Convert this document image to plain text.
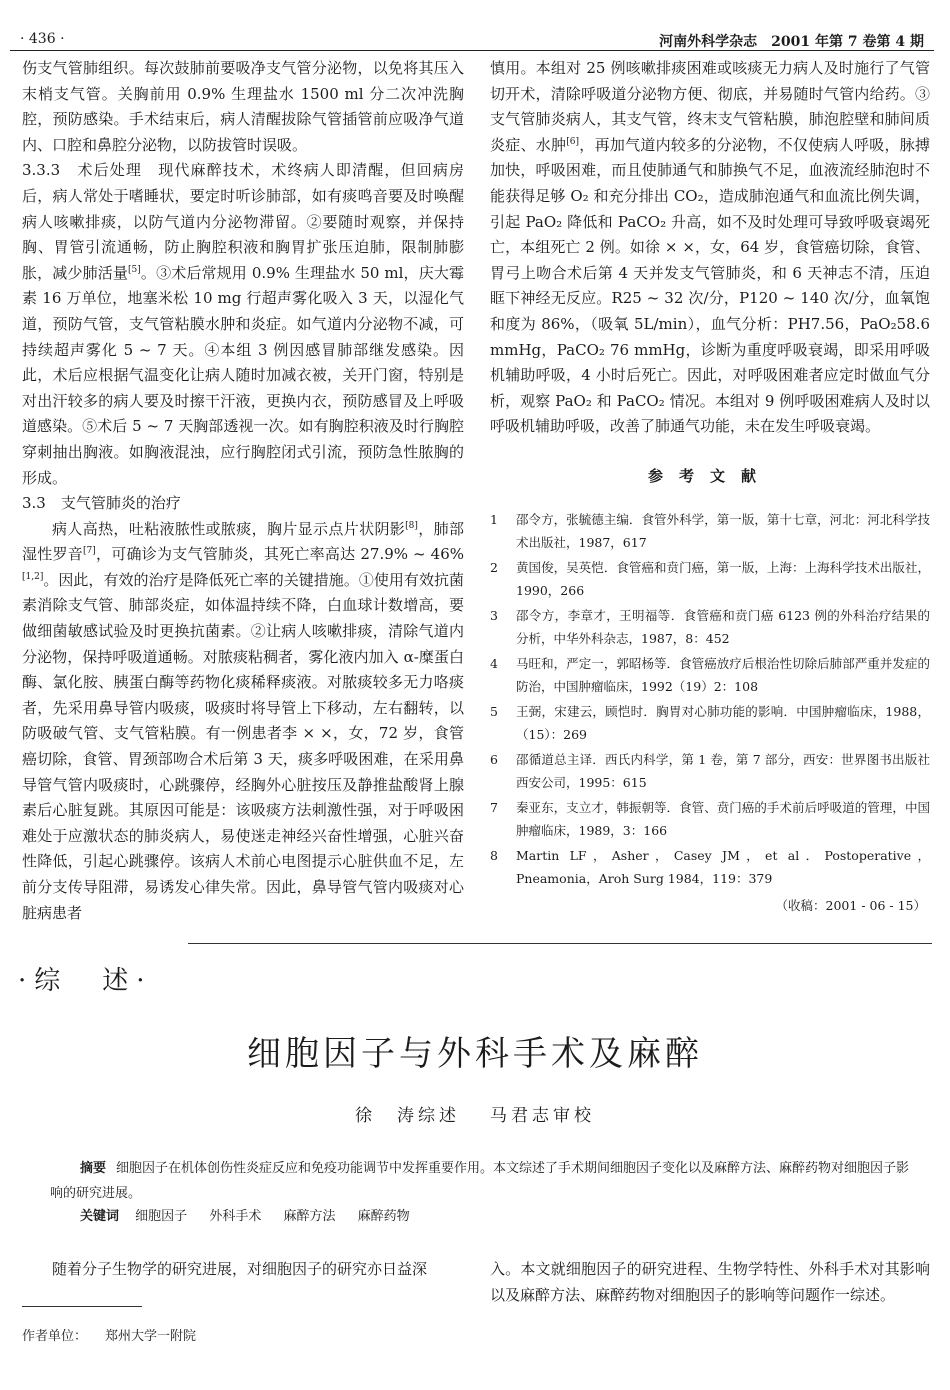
· 436 ·	河南外科学杂志　2001 年第 7 卷第 4 期

伤支气管肺组织。每次鼓肺前要吸净支气管分泌物，以免将其压入末梢支气管。关胸前用 0.9% 生理盐水 1500 ml 分二次冲洗胸腔，预防感染。手术结束后，病人清醒拔除气管插管前应吸净气道内、口腔和鼻腔分泌物，以防拔管时误吸。

3.3.3　术后处理　现代麻醉技术，术终病人即清醒，但回病房后，病人常处于嗜睡状，要定时听诊肺部，如有痰鸣音要及时唤醒病人咳嗽排痰，以防气道内分泌物滞留。②要随时观察，并保持胸、胃管引流通畅，防止胸腔积液和胸胃扩张压迫肺，限制肺膨胀，减少肺活量[5]。③术后常规用 0.9% 生理盐水 50 ml，庆大霉素 16 万单位，地塞米松 10 mg 行超声雾化吸入 3 天，以湿化气道，预防气管，支气管粘膜水肿和炎症。如气道内分泌物不减，可持续超声雾化 5 ~ 7 天。④本组 3 例因感冒肺部继发感染。因此，术后应根据气温变化让病人随时加减衣被，关开门窗，特别是对出汗较多的病人要及时擦干汗液，更换内衣，预防感冒及上呼吸道感染。⑤术后 5 ~ 7 天胸部透视一次。如有胸腔积液及时行胸腔穿刺抽出胸液。如胸液混浊，应行胸腔闭式引流，预防急性脓胸的形成。

3.3　支气管肺炎的治疗

病人高热，吐粘液脓性或脓痰，胸片显示点片状阴影[8]，肺部湿性罗音[7]，可确诊为支气管肺炎，其死亡率高达 27.9% ~ 46%[1,2]。因此，有效的治疗是降低死亡率的关键措施。①使用有效抗菌素消除支气管、肺部炎症，如体温持续不降，白血球计数增高，要做细菌敏感试验及时更换抗菌素。②让病人咳嗽排痰，清除气道内分泌物，保持呼吸道通畅。对脓痰粘稠者，雾化液内加入 α-糜蛋白酶、氯化胺、胰蛋白酶等药物化痰稀释痰液。对脓痰较多无力咯痰者，先采用鼻导管内吸痰，吸痰时将导管上下移动，左右翻转，以防吸破气管、支气管粘膜。有一例患者李 × ×，女，72 岁，食管癌切除，食管、胃颈部吻合术后第 3 天，痰多呼吸困难，在采用鼻导管气管内吸痰时，心跳骤停，经胸外心脏按压及静推盐酸肾上腺素后心脏复跳。其原因可能是：该吸痰方法刺激性强，对于呼吸困难处于应激状态的肺炎病人，易使迷走神经兴奋性增强，心脏兴奋性降低，引起心跳骤停。该病人术前心电图提示心脏供血不足，左前分支传导阻滞，易诱发心律失常。因此，鼻导管气管内吸痰对心脏病患者

慎用。本组对 25 例咳嗽排痰困难或咳痰无力病人及时施行了气管切开术，清除呼吸道分泌物方便、彻底，并易随时气管内给药。③支气管肺炎病人，其支气管，终末支气管粘膜，肺泡腔壁和肺间质炎症、水肿[6]，再加气道内较多的分泌物，不仅使病人呼吸，脉搏加快，呼吸困难，而且使肺通气和肺换气不足，血液流经肺泡时不能获得足够 O₂ 和充分排出 CO₂，造成肺泡通气和血流比例失调，引起 PaO₂ 降低和 PaCO₂ 升高，如不及时处理可导致呼吸衰竭死亡，本组死亡 2 例。如徐 × ×，女，64 岁，食管癌切除，食管、胃弓上吻合术后第 4 天并发支气管肺炎，和 6 天神志不清，压迫眶下神经无反应。R25 ~ 32 次/分，P120 ~ 140 次/分，血氧饱和度为 86%，（吸氧 5L/min），血气分析：PH7.56，PaO₂58.6 mmHg，PaCO₂ 76 mmHg，诊断为重度呼吸衰竭，即采用呼吸机辅助呼吸，4 小时后死亡。因此，对呼吸困难者应定时做血气分析，观察 PaO₂ 和 PaCO₂ 情况。本组对 9 例呼吸困难病人及时以呼吸机辅助呼吸，改善了肺通气功能，未在发生呼吸衰竭。

参考文献

1 邵令方，张毓德主编．食管外科学，第一版，第十七章，河北：河北科学技术出版社，1987，617

2 黄国俊，吴英恺．食管癌和贲门癌，第一版，上海：上海科学技术出版社，1990，266

3 邵令方，李章才，王明福等．食管癌和贲门癌 6123 例的外科治疗结果的分析，中华外科杂志，1987，8：452

4 马旺和，严定一，郭昭杨等．食管癌放疗后根治性切除后肺部严重并发症的防治，中国肿瘤临床，1992（19）2：108

5 王弼，宋建云，顾恺时．胸胃对心肺功能的影响．中国肿瘤临床，1988，（15）：269

6 邵循道总主译．西氏内科学，第 1 卷，第 7 部分，西安：世界图书出版社西安公司，1995：615

7 秦亚东，支立才，韩振朝等．食管、贲门癌的手术前后呼吸道的管理，中国肿瘤临床，1989，3：166

8 Martin LF，Asher，Casey JM，et al．Postoperative，Pneamonia，Aroh Surg 1984，119：379

（收稿：2001 - 06 - 15）

·综　述·
细胞因子与外科手术及麻醉
徐　涛综述 马君志审校
摘要 细胞因子在机体创伤性炎症反应和免疫功能调节中发挥重要作用。本文综述了手术期间细胞因子变化以及麻醉方法、麻醉药物对细胞因子影响的研究进展。
关键词 细胞因子 外科手术 麻醉方法 麻醉药物
随着分子生物学的研究进展，对细胞因子的研究亦日益深	入。本文就细胞因子的研究进程、生物学特性、外科手术对其影响以及麻醉方法、麻醉药物对细胞因子的影响等问题作一综述。
作者单位： 郑州大学一附院
